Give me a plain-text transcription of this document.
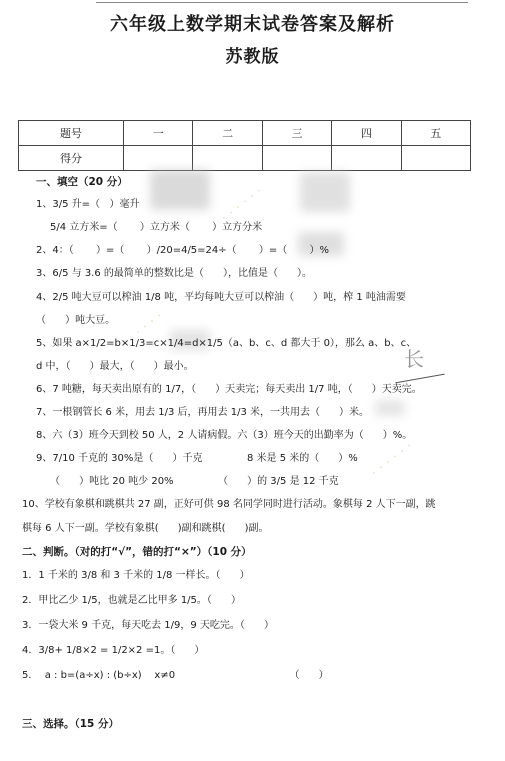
六年级上数学期末试卷答案及解析
苏教版
题号	一	二	三	四	五
得分					
· · · · · ·
· · · · · ·
· · · · · ·
长
一、填空（20 分）
1、3/5 升=（   ）毫升
5/4 立方米=（       ）立方米（       ）立方分米
2、4：（       ）=（       ）/20=4/5=24÷（       ）=（       ）%
3、6/5 与 3.6 的最简单的整数比是（      ），比值是（      ）。
4、2/5 吨大豆可以榨油 1/8 吨，平均每吨大豆可以榨油（      ）吨，榨 1 吨油需要
（      ）吨大豆。
5、如果 a×1/2=b×1/3=c×1/4=d×1/5（a、b、c、d 都大于 0），那么 a、b、c、
d 中，（      ）最大，（      ）最小。
6、7 吨糖，每天卖出原有的 1/7，（      ）天卖完；每天卖出 1/7 吨，（      ）天卖完。
7、一根钢管长 6 米，用去 1/3 后，再用去 1/3 米，一共用去（      ）米。
8、六（3）班今天到校 50 人，2 人请病假。六（3）班今天的出勤率为（      ）%。
9、7/10 千克的 30%是（      ）千克              8 米是 5 米的（      ）%
（      ）吨比 20 吨少 20%              （      ）的 3/5 是 12 千克
10、学校有象棋和跳棋共 27 副，正好可供 98 名同学同时进行活动。象棋每 2 人下一副，跳
棋每 6 人下一副。学校有象棋(      )副和跳棋(      )副。
二、判断。（对的打“√”，错的打“×”）（10 分）
1．1 千米的 3/8 和 3 千米的 1/8 一样长。（      ）
2．甲比乙少 1/5，也就是乙比甲多 1/5。（      ）
3．一袋大米 9 千克，每天吃去 1/9，9 天吃完。（      ）
4．3/8+ 1/8×2 = 1/2×2 =1。（      ）
5．  a : b=(a÷x) : (b÷x)    x≠0                                    （      ）
三、选择。（15 分）
